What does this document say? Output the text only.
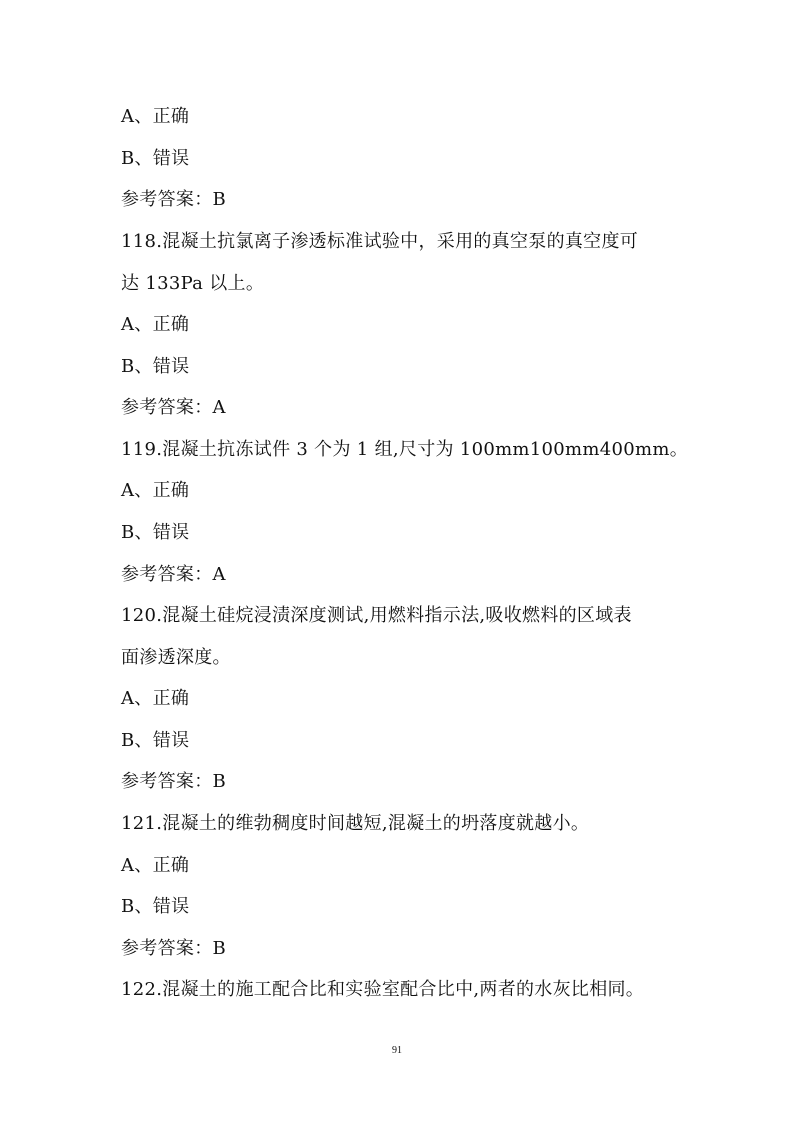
A、正确
B、错误
参考答案：B
118.混凝土抗氯离子渗透标准试验中，采用的真空泵的真空度可
达 133Pa 以上。
A、正确
B、错误
参考答案：A
119.混凝土抗冻试件 3 个为 1 组,尺寸为 100mm100mm400mm。
A、正确
B、错误
参考答案：A
120.混凝土硅烷浸渍深度测试,用燃料指示法,吸收燃料的区域表
面渗透深度。
A、正确
B、错误
参考答案：B
121.混凝土的维勃稠度时间越短,混凝土的坍落度就越小。
A、正确
B、错误
参考答案：B
122.混凝土的施工配合比和实验室配合比中,两者的水灰比相同。
91
